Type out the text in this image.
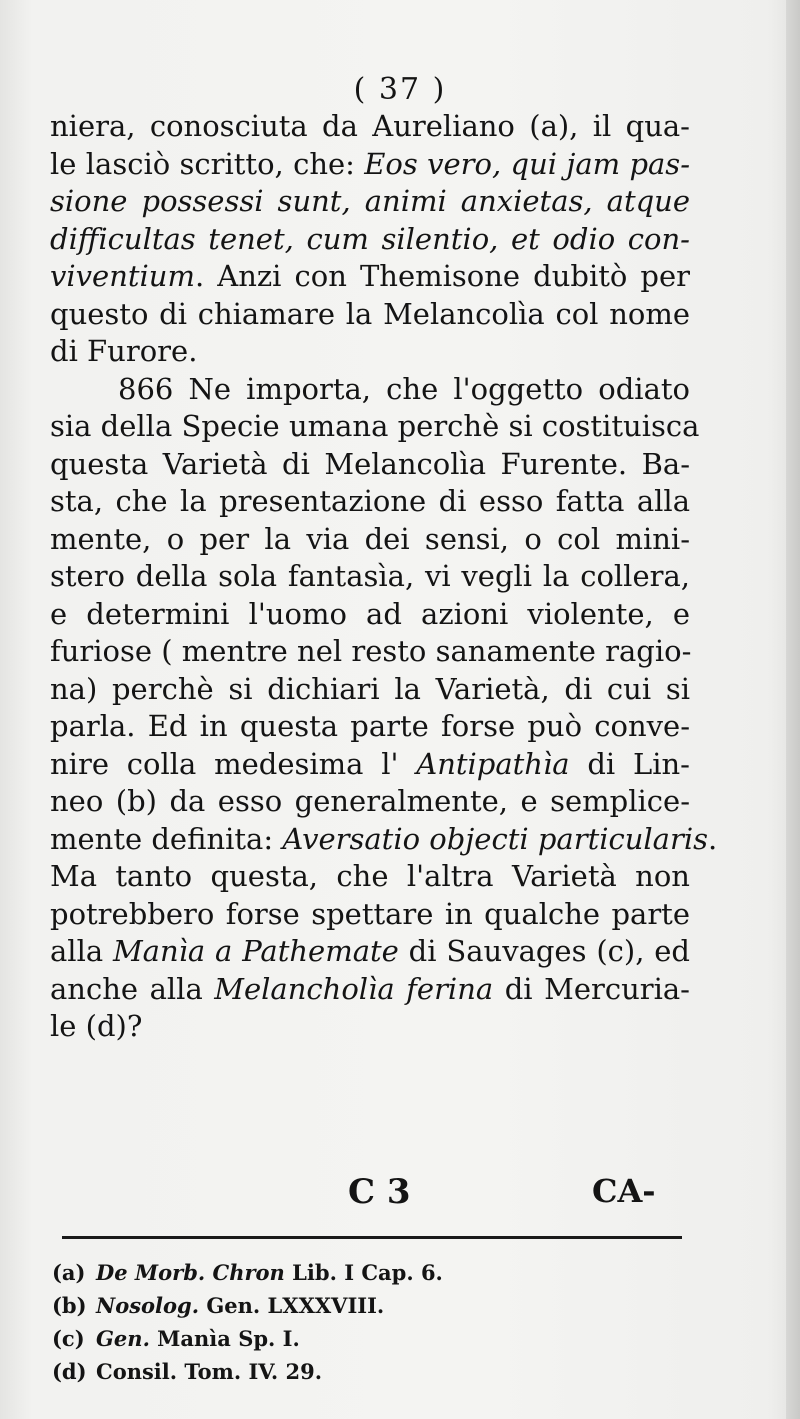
( 37 )
niera, conosciuta da Aureliano (a), il qua-
le lasciò scritto, che: Eos vero, qui jam pas-
sione possessi sunt, animi anxietas, atque
difficultas tenet, cum silentio, et odio con-
viventium. Anzi con Themisone dubitò per
questo di chiamare la Melancolìa col nome
di Furore.
866 Ne importa, che l'oggetto odiato
sia della Specie umana perchè si costituisca
questa Varietà di Melancolìa Furente. Ba-
sta, che la presentazione di esso fatta alla
mente, o per la via dei sensi, o col mini-
stero della sola fantasìa, vi vegli la collera,
e determini l'uomo ad azioni violente, e
furiose ( mentre nel resto sanamente ragio-
na) perchè si dichiari la Varietà, di cui si
parla. Ed in questa parte forse può conve-
nire colla medesima l' Antipathìa di Lin-
neo (b) da esso generalmente, e semplice-
mente definita: Aversatio objecti particularis.
Ma tanto questa, che l'altra Varietà non
potrebbero forse spettare in qualche parte
alla Manìa a Pathemate di Sauvages (c), ed
anche alla Melancholìa ferina di Mercuria-
le (d)?
C 3	CA-
(a) De Morb. Chron Lib. I Cap. 6.
(b) Nosolog. Gen. LXXXVIII.
(c) Gen. Manìa Sp. I.
(d) Consil. Tom. IV. 29.
